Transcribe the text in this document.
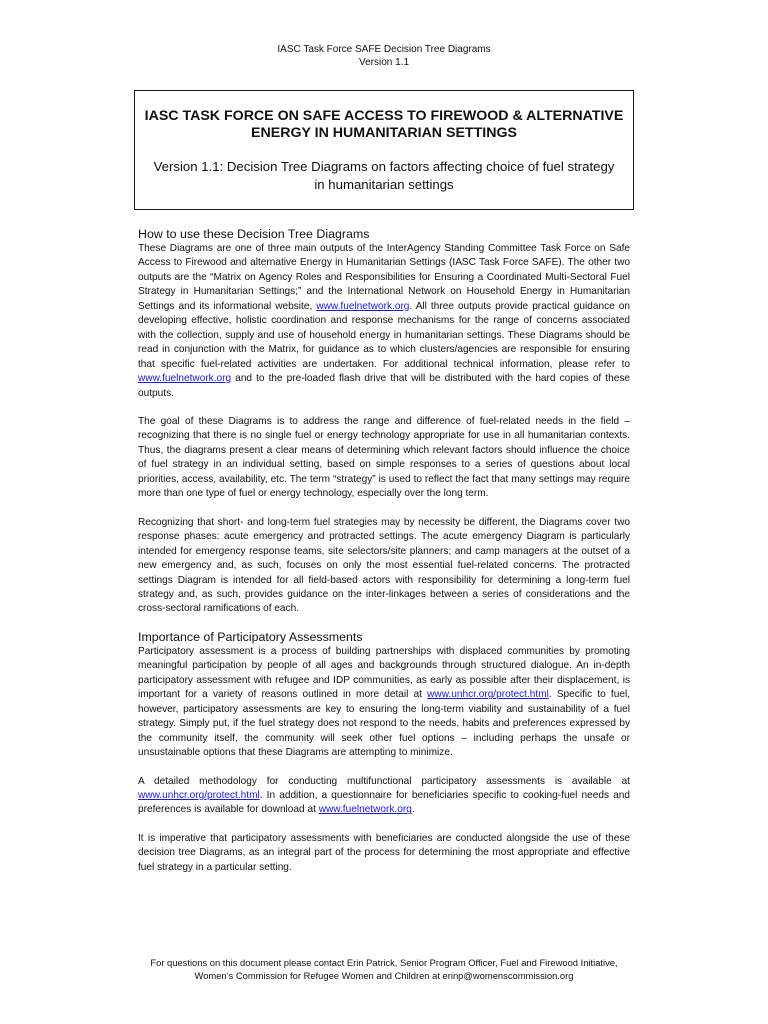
IASC Task Force SAFE Decision Tree Diagrams
Version 1.1
IASC TASK FORCE ON SAFE ACCESS TO FIREWOOD & ALTERNATIVE ENERGY IN HUMANITARIAN SETTINGS
Version 1.1: Decision Tree Diagrams on factors affecting choice of fuel strategy in humanitarian settings
How to use these Decision Tree Diagrams

These Diagrams are one of three main outputs of the InterAgency Standing Committee Task Force on Safe Access to Firewood and alternative Energy in Humanitarian Settings (IASC Task Force SAFE). The other two outputs are the “Matrix on Agency Roles and Responsibilities for Ensuring a Coordinated Multi-Sectoral Fuel Strategy in Humanitarian Settings;” and the International Network on Household Energy in Humanitarian Settings and its informational website, www.fuelnetwork.org. All three outputs provide practical guidance on developing effective, holistic coordination and response mechanisms for the range of concerns associated with the collection, supply and use of household energy in humanitarian settings. These Diagrams should be read in conjunction with the Matrix, for guidance as to which clusters/agencies are responsible for ensuring that specific fuel-related activities are undertaken. For additional technical information, please refer to www.fuelnetwork.org and to the pre-loaded flash drive that will be distributed with the hard copies of these outputs.

The goal of these Diagrams is to address the range and difference of fuel-related needs in the field – recognizing that there is no single fuel or energy technology appropriate for use in all humanitarian contexts. Thus, the diagrams present a clear means of determining which relevant factors should influence the choice of fuel strategy in an individual setting, based on simple responses to a series of questions about local priorities, access, availability, etc. The term “strategy” is used to reflect the fact that many settings may require more than one type of fuel or energy technology, especially over the long term.

Recognizing that short- and long-term fuel strategies may by necessity be different, the Diagrams cover two response phases: acute emergency and protracted settings. The acute emergency Diagram is particularly intended for emergency response teams, site selectors/site planners; and camp managers at the outset of a new emergency and, as such, focuses on only the most essential fuel-related concerns. The protracted settings Diagram is intended for all field-based actors with responsibility for determining a long-term fuel strategy and, as such, provides guidance on the inter-linkages between a series of considerations and the cross-sectoral ramifications of each.

Importance of Participatory Assessments

Participatory assessment is a process of building partnerships with displaced communities by promoting meaningful participation by people of all ages and backgrounds through structured dialogue. An in-depth participatory assessment with refugee and IDP communities, as early as possible after their displacement, is important for a variety of reasons outlined in more detail at www.unhcr.org/protect.html. Specific to fuel, however, participatory assessments are key to ensuring the long-term viability and sustainability of a fuel strategy. Simply put, if the fuel strategy does not respond to the needs, habits and preferences expressed by the community itself, the community will seek other fuel options – including perhaps the unsafe or unsustainable options that these Diagrams are attempting to minimize.

A detailed methodology for conducting multifunctional participatory assessments is available at www.unhcr.org/protect.html. In addition, a questionnaire for beneficiaries specific to cooking-fuel needs and preferences is available for download at www.fuelnetwork.org.

It is imperative that participatory assessments with beneficiaries are conducted alongside the use of these decision tree Diagrams, as an integral part of the process for determining the most appropriate and effective fuel strategy in a particular setting.

For questions on this document please contact Erin Patrick, Senior Program Officer, Fuel and Firewood Initiative,
Women’s Commission for Refugee Women and Children at erinp@womenscommission.org
